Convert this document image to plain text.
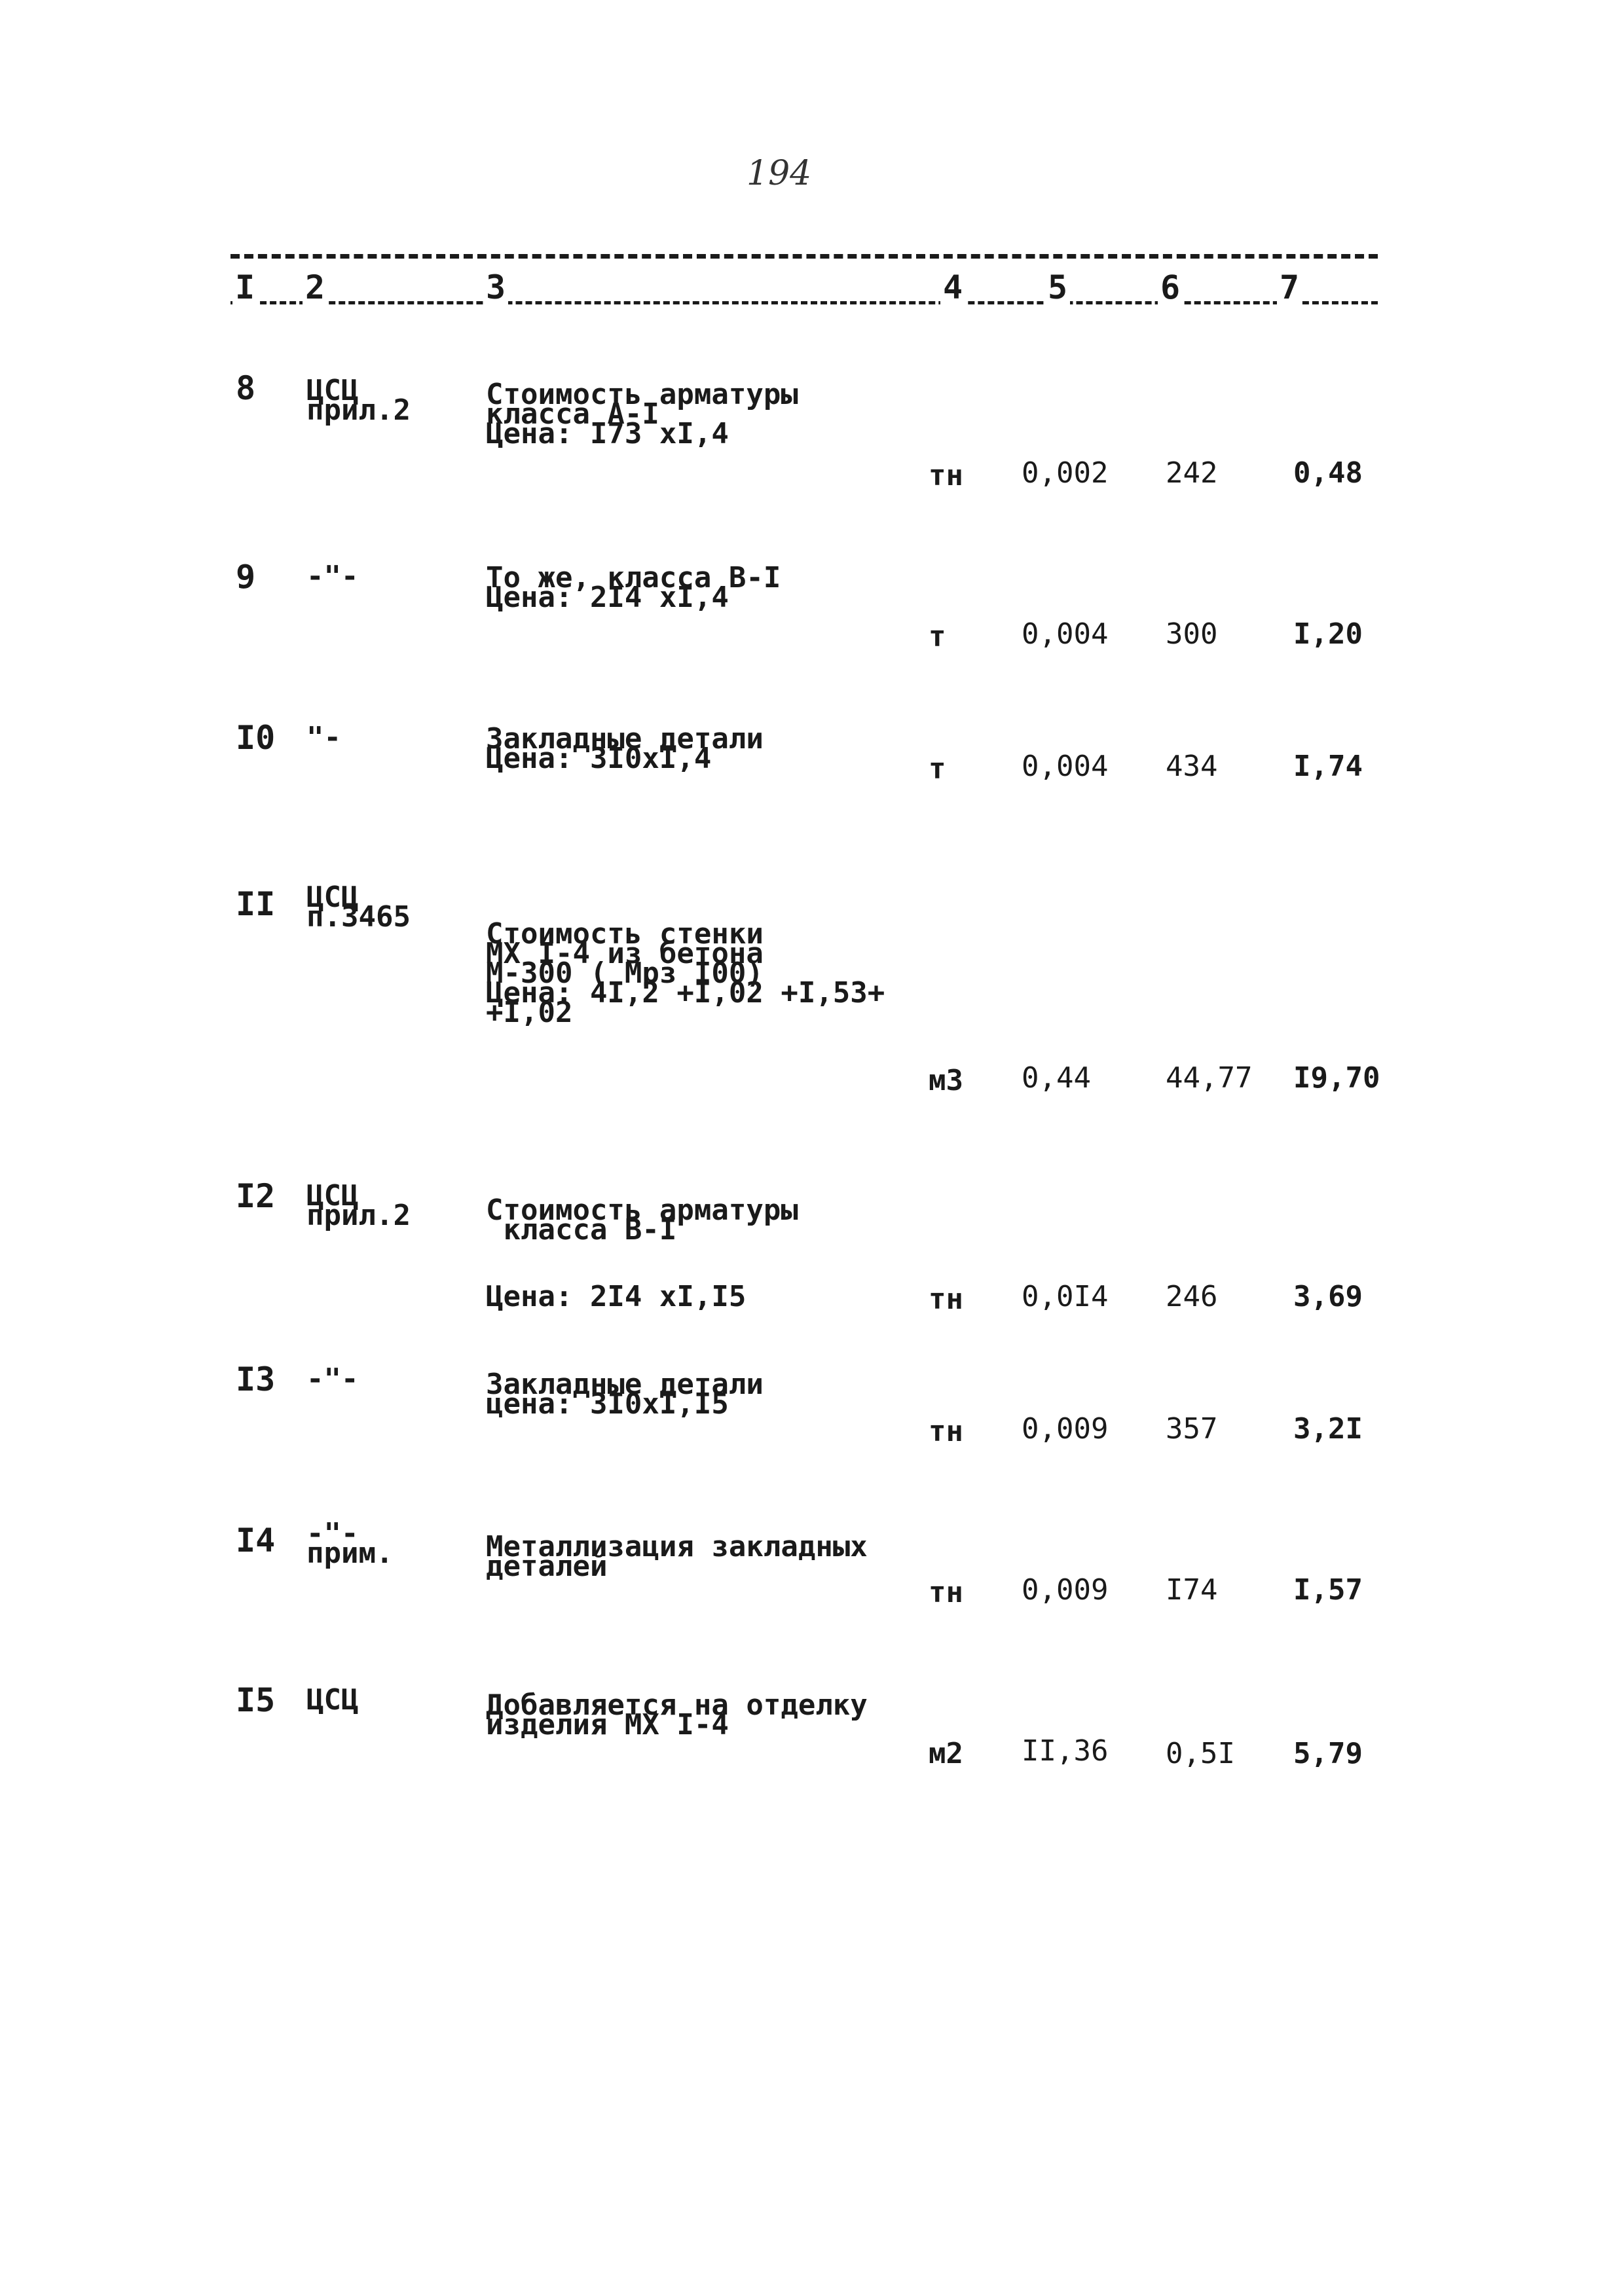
194
I 2	3	4	5	6	7
8 ЦСЦ
прил.2	Стоимость арматуры
класса А-I
Цена: I73 хI,4
тн 0,002 242	0,48
9 -"-	То же, класса В-I
Цена: 2I4 хI,4
т	0,004 300	I,20
I0 "-	Закладные детали
Цена: 3I0хI,4	т	0,004 434	I,74
II ЦСЦ
п.3465
Стоимость стенки
МХ I-4 из бетона
М-300 ( Мрз I00)
Цена: 4I,2 +I,02 +I,53+
+I,02
м3 0,44	44,77 I9,70
I2 ЦСЦ
прил.2	Стоимость арматуры
класса В-I
Цена: 2I4 хI,I5	тн 0,0I4 246	3,69
I3 -"-	Закладные детали
цена: 3I0хI,I5
тн 0,009 357	3,2I
I4 -"-
прим.	Металлизация закладных
деталей
тн 0,009 I74	I,57
I5 ЦСЦ	Добавляется на отделку
изделия МХ I-4
м2 II,36 0,5I 5,79
